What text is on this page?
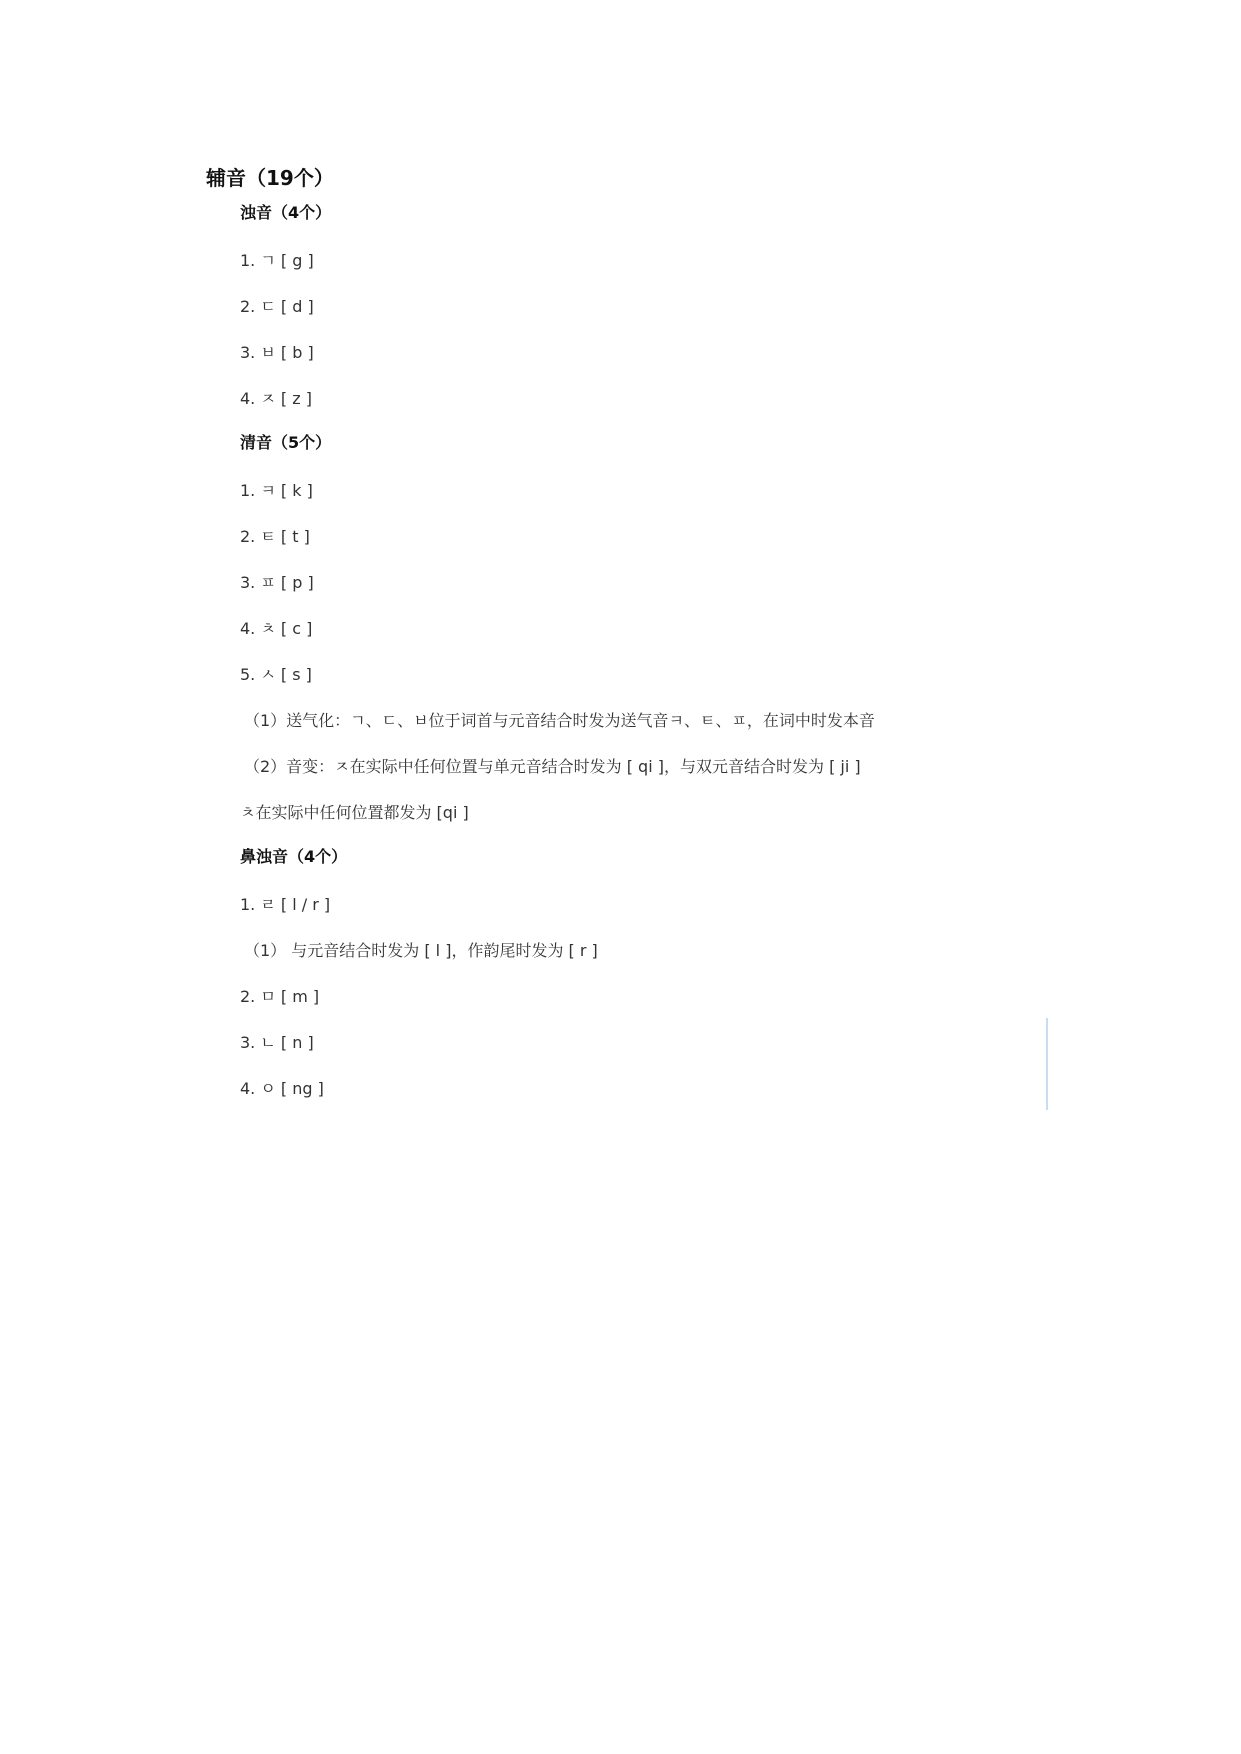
辅音（19个）
浊音（4个）
1. ㄱ [ g ]
2. ㄷ [ d ]
3. ㅂ [ b ]
4. ㅈ [ z ]
清音（5个）
1. ㅋ [ k ]
2. ㅌ [ t ]
3. ㅍ [ p ]
4. ㅊ [ c ]
5. ㅅ [ s ]
（1）送气化：ㄱ、ㄷ、ㅂ位于词首与元音结合时发为送气音ㅋ、ㅌ、ㅍ，在词中时发本音
（2）音变：ㅈ在实际中任何位置与单元音结合时发为 [ qi ]，与双元音结合时发为 [ ji ]
ㅊ在实际中任何位置都发为 [qi ]
鼻浊音（4个）
1. ㄹ [ l / r ]
（1） 与元音结合时发为 [ l ]，作韵尾时发为 [ r ]
2. ㅁ [ m ]
3. ㄴ [ n ]
4. ㅇ [ ng ]
